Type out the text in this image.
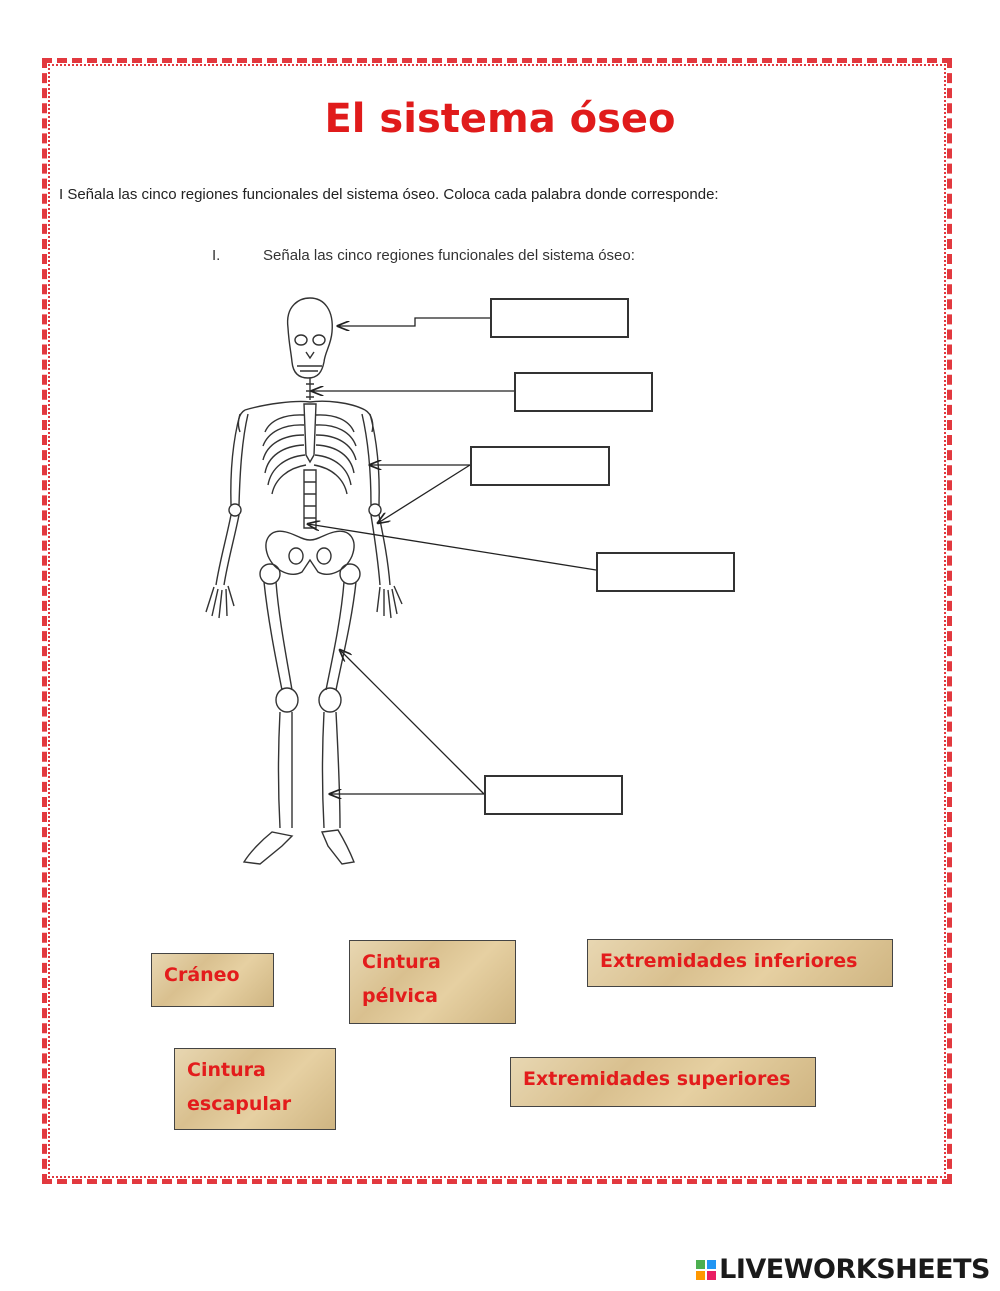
El sistema óseo
I Señala las cinco regiones funcionales del sistema óseo. Coloca cada palabra donde corresponde:
I.	Señala las cinco regiones funcionales del sistema óseo:
Cráneo
Cintura pélvica
Extremidades inferiores
Cintura escapular
Extremidades superiores
LIVEWORKSHEETS
